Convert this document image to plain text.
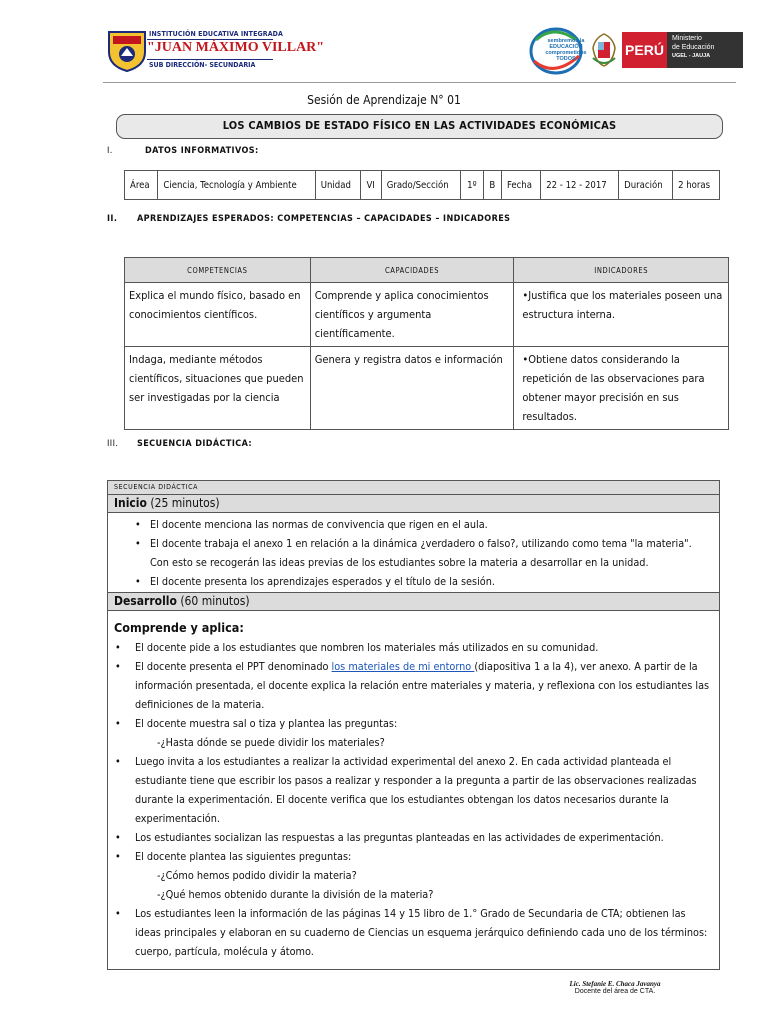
INSTITUCIÓN EDUCATIVA INTEGRADA
"JUAN MÁXIMO VILLAR"
SUB DIRECCIÓN- SECUNDARIA
sembremos la EDUCACIÓN comprometidos TODOS
PERÚ
Ministerio
de Educación
UGEL - JAUJA
Sesión de Aprendizaje N° 01
LOS CAMBIOS DE ESTADO FÍSICO EN LAS ACTIVIDADES ECONÓMICAS
I.	DATOS INFORMATIVOS:
Área	Ciencia, Tecnología y Ambiente	Unidad	VI	Grado/Sección	1º	B	Fecha	22 - 12 - 2017	Duración	2 horas
II. APRENDIZAJES ESPERADOS: COMPETENCIAS – CAPACIDADES – INDICADORES
COMPETENCIAS	CAPACIDADES	INDICADORES
Explica el mundo físico, basado en conocimientos científicos.	Comprende y aplica conocimientos científicos y argumenta científicamente.	•Justifica que los materiales poseen una estructura interna.
Indaga, mediante métodos científicos, situaciones que pueden ser investigadas por la ciencia	Genera y registra datos e información	•Obtiene datos considerando la repetición de las observaciones para obtener mayor precisión en sus resultados.
III. SECUENCIA DIDÁCTICA:
SECUENCIA DIDÁCTICA
Inicio (25 minutos)
• El docente menciona las normas de convivencia que rigen en el aula.
• El docente trabaja el anexo 1 en relación a la dinámica ¿verdadero o falso?, utilizando como tema "la materia". Con esto se recogerán las ideas previas de los estudiantes sobre la materia a desarrollar en la unidad.
• El docente presenta los aprendizajes esperados y el título de la sesión.
Desarrollo (60 minutos)
Comprende y aplica:
• El docente pide a los estudiantes que nombren los materiales más utilizados en su comunidad.
• El docente presenta el PPT denominado los materiales de mi entorno (diapositiva 1 a la 4), ver anexo. A partir de la información presentada, el docente explica la relación entre materiales y materia, y reflexiona con los estudiantes las definiciones de la materia.
• El docente muestra sal o tiza y plantea las preguntas:
-¿Hasta dónde se puede dividir los materiales?
• Luego invita a los estudiantes a realizar la actividad experimental del anexo 2. En cada actividad planteada el estudiante tiene que escribir los pasos a realizar y responder a la pregunta a partir de las observaciones realizadas durante la experimentación. El docente verifica que los estudiantes obtengan los datos necesarios durante la experimentación.
• Los estudiantes socializan las respuestas a las preguntas planteadas en las actividades de experimentación.
• El docente plantea las siguientes preguntas:
-¿Cómo hemos podido dividir la materia?
-¿Qué hemos obtenido durante la división de la materia?
• Los estudiantes leen la información de las páginas 14 y 15 libro de 1.° Grado de Secundaria de CTA; obtienen las ideas principales y elaboran en su cuaderno de Ciencias un esquema jerárquico definiendo cada uno de los términos: cuerpo, partícula, molécula y átomo.
Lic. Stefanie E. Chaca Javanya
Docente del área de CTA.
